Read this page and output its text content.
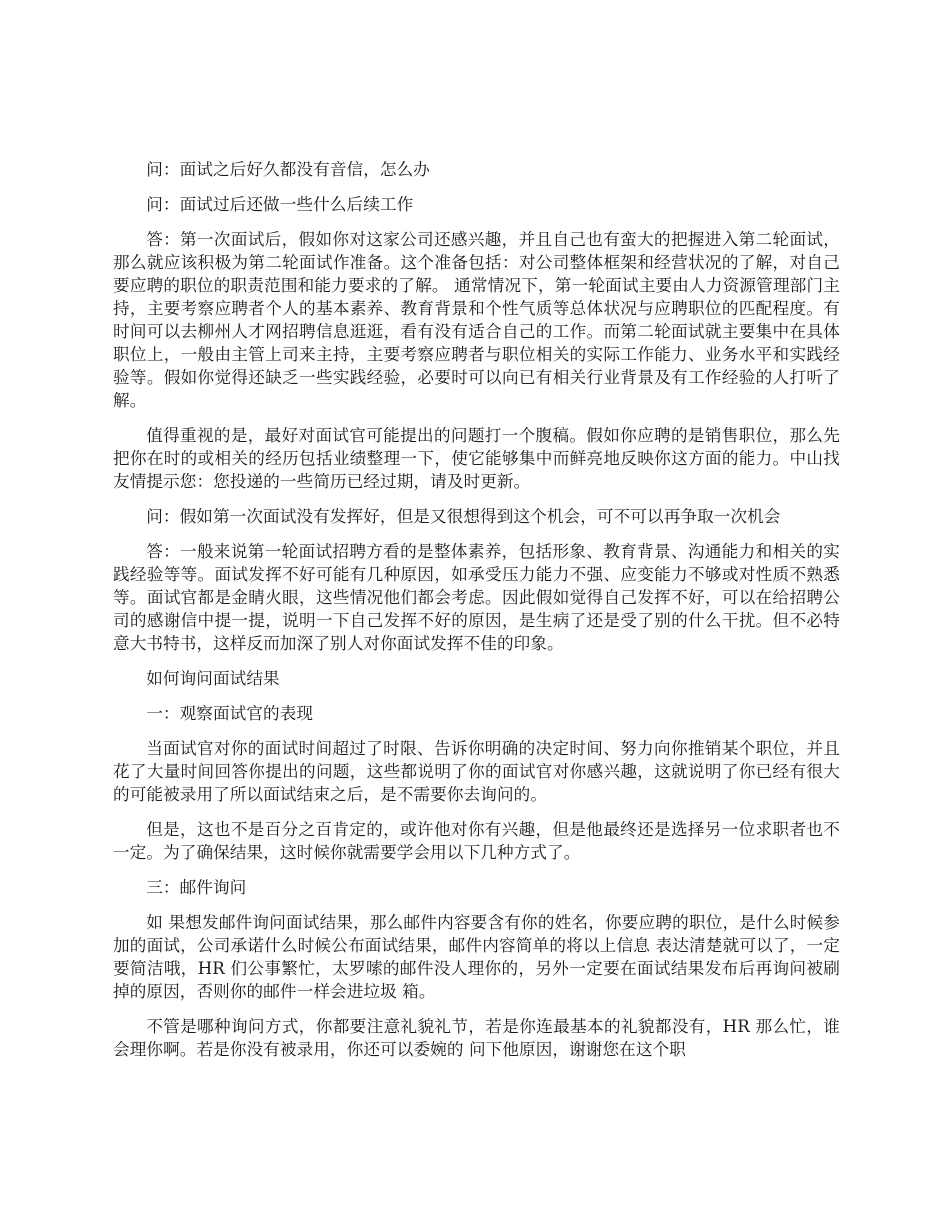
问：面试之后好久都没有音信，怎么办

问：面试过后还做一些什么后续工作

答：第一次面试后，假如你对这家公司还感兴趣，并且自己也有蛮大的把握进入第二轮面试，那么就应该积极为第二轮面试作准备。这个准备包括：对公司整体框架和经营状况的了解，对自己要应聘的职位的职责范围和能力要求的了解。 通常情况下，第一轮面试主要由人力资源管理部门主持，主要考察应聘者个人的基本素养、教育背景和个性气质等总体状况与应聘职位的匹配程度。有时间可以去柳州人才网招聘信息逛逛，看有没有适合自己的工作。而第二轮面试就主要集中在具体职位上，一般由主管上司来主持，主要考察应聘者与职位相关的实际工作能力、业务水平和实践经验等。假如你觉得还缺乏一些实践经验，必要时可以向已有相关行业背景及有工作经验的人打听了解。

值得重视的是，最好对面试官可能提出的问题打一个腹稿。假如你应聘的是销售职位，那么先把你在时的或相关的经历包括业绩整理一下，使它能够集中而鲜亮地反映你这方面的能力。中山找友情提示您：您投递的一些简历已经过期，请及时更新。

问：假如第一次面试没有发挥好，但是又很想得到这个机会，可不可以再争取一次机会

答：一般来说第一轮面试招聘方看的是整体素养，包括形象、教育背景、沟通能力和相关的实践经验等等。面试发挥不好可能有几种原因，如承受压力能力不强、应变能力不够或对性质不熟悉等。面试官都是金睛火眼，这些情况他们都会考虑。因此假如觉得自己发挥不好，可以在给招聘公司的感谢信中提一提，说明一下自己发挥不好的原因，是生病了还是受了别的什么干扰。但不必特意大书特书，这样反而加深了别人对你面试发挥不佳的印象。

如何询问面试结果

一：观察面试官的表现

当面试官对你的面试时间超过了时限、告诉你明确的决定时间、努力向你推销某个职位，并且花了大量时间回答你提出的问题，这些都说明了你的面试官对你感兴趣，这就说明了你已经有很大的可能被录用了所以面试结束之后，是不需要你去询问的。

但是，这也不是百分之百肯定的，或许他对你有兴趣，但是他最终还是选择另一位求职者也不一定。为了确保结果，这时候你就需要学会用以下几种方式了。

三：邮件询问

如 果想发邮件询问面试结果，那么邮件内容要含有你的姓名，你要应聘的职位，是什么时候参加的面试，公司承诺什么时候公布面试结果，邮件内容简单的将以上信息 表达清楚就可以了，一定要简洁哦，HR 们公事繁忙，太罗嗦的邮件没人理你的，另外一定要在面试结果发布后再询问被刷掉的原因，否则你的邮件一样会进垃圾 箱。

不管是哪种询问方式，你都要注意礼貌礼节，若是你连最基本的礼貌都没有，HR 那么忙，谁会理你啊。若是你没有被录用，你还可以委婉的 问下他原因，谢谢您在这个职
